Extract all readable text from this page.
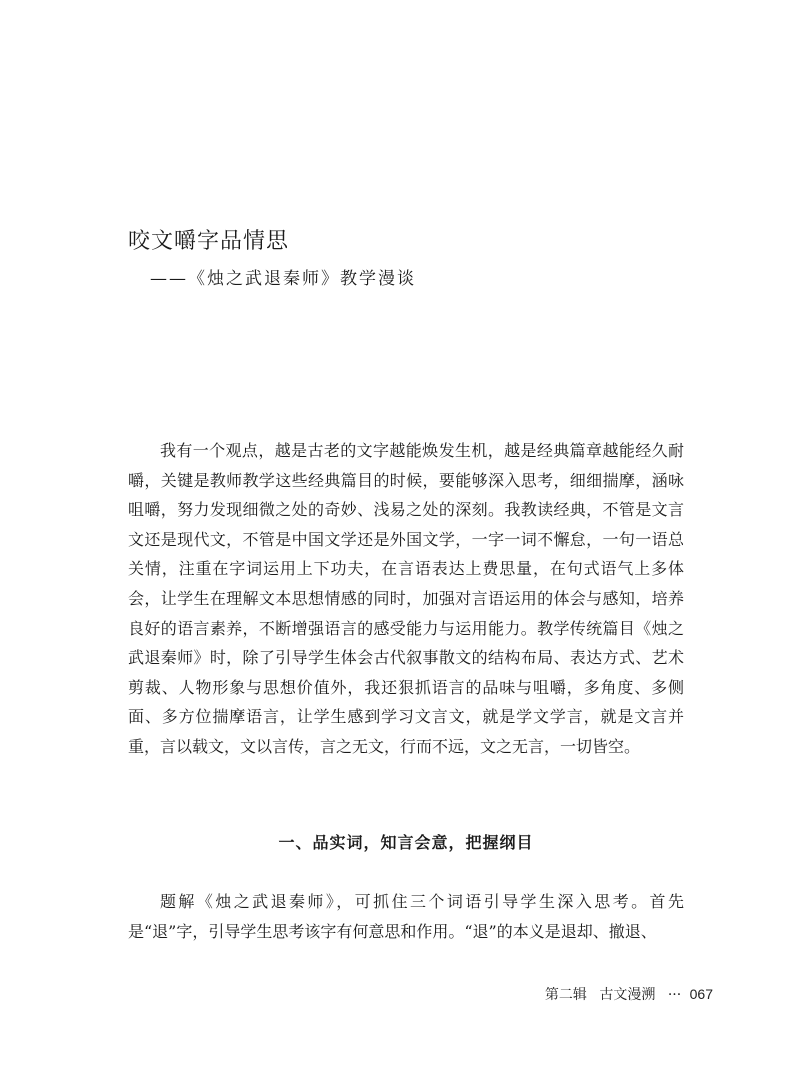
咬文嚼字品情思
——《烛之武退秦师》教学漫谈

我有一个观点，越是古老的文字越能焕发生机，越是经典篇章越能经久耐嚼，关键是教师教学这些经典篇目的时候，要能够深入思考，细细揣摩，涵咏咀嚼，努力发现细微之处的奇妙、浅易之处的深刻。我教读经典，不管是文言文还是现代文，不管是中国文学还是外国文学，一字一词不懈怠，一句一语总关情，注重在字词运用上下功夫，在言语表达上费思量，在句式语气上多体会，让学生在理解文本思想情感的同时，加强对言语运用的体会与感知，培养良好的语言素养，不断增强语言的感受能力与运用能力。教学传统篇目《烛之武退秦师》时，除了引导学生体会古代叙事散文的结构布局、表达方式、艺术剪裁、人物形象与思想价值外，我还狠抓语言的品味与咀嚼，多角度、多侧面、多方位揣摩语言，让学生感到学习文言文，就是学文学言，就是文言并重，言以载文，文以言传，言之无文，行而不远，文之无言，一切皆空。

一、品实词，知言会意，把握纲目

题解《烛之武退秦师》，可抓住三个词语引导学生深入思考。首先是“退”字，引导学生思考该字有何意思和作用。“退”的本义是退却、撤退、

第二辑 古文漫溯 ··· 067
